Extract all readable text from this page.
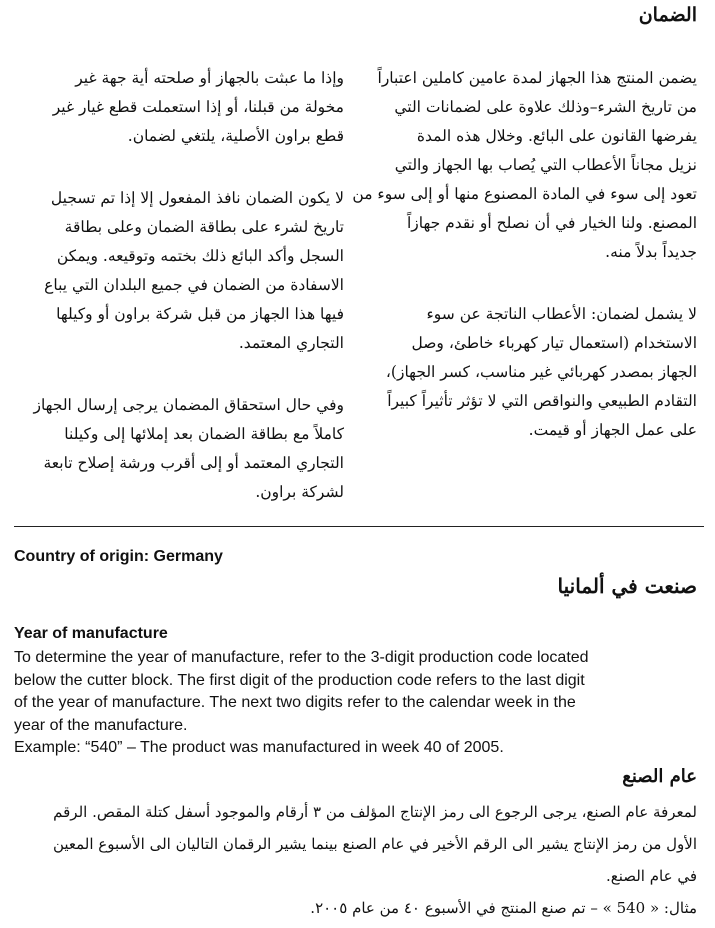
الضمان

يضمن المنتج هذا الجهاز لمدة عامين كاملين اعتباراً

من تاريخ الشرء–وذلك علاوة على لضمانات التي

يفرضها القانون على البائع. وخلال هذه المدة

نزيل مجاناً الأعطاب التي يُصاب بها الجهاز والتي

تعود إلى سوء في المادة المصنوع منها أو إلى سوء من

المصنع. ولنا الخيار في أن نصلح أو نقدم جهازاً

جديداً بدلاً منه.

لا يشمل لضمان: الأعطاب الناتجة عن سوء

الاستخدام (استعمال تيار كهرباء خاطئ، وصل

الجهاز بمصدر كهربائي غير مناسب، كسر الجهاز)،

التقادم الطبيعي والنواقص التي لا تؤثر تأثيراً كبيراً

على عمل الجهاز أو قيمت.

وإذا ما عبثت بالجهاز أو صلحته أية جهة غير

مخولة من قبلنا، أو إذا استعملت قطع غيار غير

قطع براون الأصلية، يلتغي لضمان.

لا يكون الضمان نافذ المفعول إلا إذا تم تسجيل

تاريخ لشرء على بطاقة الضمان وعلى بطاقة

السجل وأكد البائع ذلك بختمه وتوقيعه. ويمكن

الاسفادة من الضمان في جميع البلدان التي يباع

فيها هذا الجهاز من قبل شركة براون أو وكيلها

التجاري المعتمد.

وفي حال استحقاق المضمان يرجى إرسال الجهاز

كاملاً مع بطاقة الضمان بعد إملائها إلى وكيلنا

التجاري المعتمد أو إلى أقرب ورشة إصلاح تابعة

لشركة براون.

Country of origin: Germany
صنعت في ألمانيا
Year of manufacture

To determine the year of manufacture, refer to the 3-digit production code located

below the cutter block. The first digit of the production code refers to the last digit

of the year of manufacture. The next two digits refer to the calendar week in the

year of the manufacture.

Example: “540” – The product was manufactured in week 40 of 2005.

عام الصنع

لمعرفة عام الصنع، يرجى الرجوع الى رمز الإنتاج المؤلف من ٣ أرقام والموجود أسفل كتلة المقص. الرقم

الأول من رمز الإنتاج يشير الى الرقم الأخير في عام الصنع بينما يشير الرقمان التاليان الى الأسبوع المعين

في عام الصنع.

مثال: « 540 » – تم صنع المنتج في الأسبوع ٤٠ من عام ٢٠٠٥.
